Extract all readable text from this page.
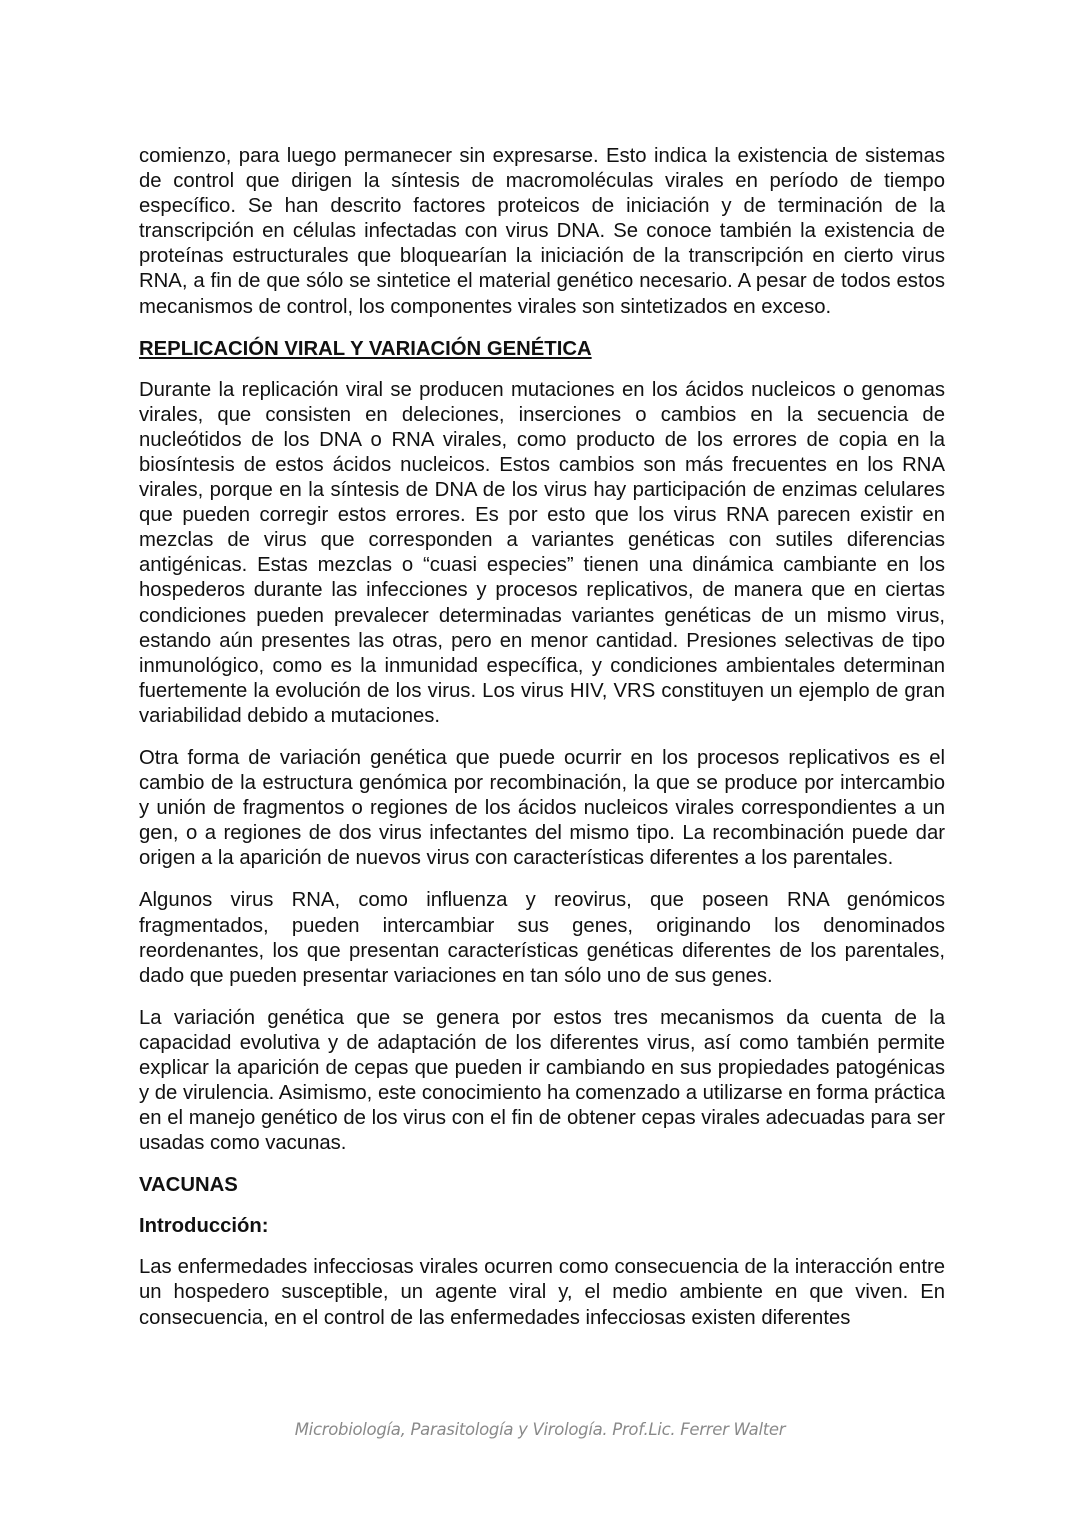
comienzo, para luego permanecer sin expresarse. Esto indica la existencia de sistemas de control que dirigen la síntesis de macromoléculas virales en período de tiempo específico. Se han descrito factores proteicos de iniciación y de terminación de la transcripción en células infectadas con virus DNA. Se conoce también la existencia de proteínas estructurales que bloquearían la iniciación de la transcripción en cierto virus RNA, a fin de que sólo se sintetice el material genético necesario. A pesar de todos estos mecanismos de control, los componentes virales son sintetizados en exceso.

REPLICACIÓN VIRAL Y VARIACIÓN GENÉTICA

Durante la replicación viral se producen mutaciones en los ácidos nucleicos o genomas virales, que consisten en deleciones, inserciones o cambios en la secuencia de nucleótidos de los DNA o RNA virales, como producto de los errores de copia en la biosíntesis de estos ácidos nucleicos. Estos cambios son más frecuentes en los RNA virales, porque en la síntesis de DNA de los virus hay participación de enzimas celulares que pueden corregir estos errores. Es por esto que los virus RNA parecen existir en mezclas de virus que corresponden a variantes genéticas con sutiles diferencias antigénicas. Estas mezclas o “cuasi especies” tienen una dinámica cambiante en los hospederos durante las infecciones y procesos replicativos, de manera que en ciertas condiciones pueden prevalecer determinadas variantes genéticas de un mismo virus, estando aún presentes las otras, pero en menor cantidad. Presiones selectivas de tipo inmunológico, como es la inmunidad específica, y condiciones ambientales determinan fuertemente la evolución de los virus. Los virus HIV, VRS constituyen un ejemplo de gran variabilidad debido a mutaciones.

Otra forma de variación genética que puede ocurrir en los procesos replicativos es el cambio de la estructura genómica por recombinación, la que se produce por intercambio y unión de fragmentos o regiones de los ácidos nucleicos virales correspondientes a un gen, o a regiones de dos virus infectantes del mismo tipo. La recombinación puede dar origen a la aparición de nuevos virus con características diferentes a los parentales.

Algunos virus RNA, como influenza y reovirus, que poseen RNA genómicos fragmentados, pueden intercambiar sus genes, originando los denominados reordenantes, los que presentan características genéticas diferentes de los parentales, dado que pueden presentar variaciones en tan sólo uno de sus genes.

La variación genética que se genera por estos tres mecanismos da cuenta de la capacidad evolutiva y de adaptación de los diferentes virus, así como también permite explicar la aparición de cepas que pueden ir cambiando en sus propiedades patogénicas y de virulencia. Asimismo, este conocimiento ha comenzado a utilizarse en forma práctica en el manejo genético de los virus con el fin de obtener cepas virales adecuadas para ser usadas como vacunas.

VACUNAS
Introducción:

Las enfermedades infecciosas virales ocurren como consecuencia de la interacción entre un hospedero susceptible, un agente viral y, el medio ambiente en que viven. En consecuencia, en el control de las enfermedades infecciosas existen diferentes

Microbiología, Parasitología y Virología. Prof.Lic. Ferrer Walter
